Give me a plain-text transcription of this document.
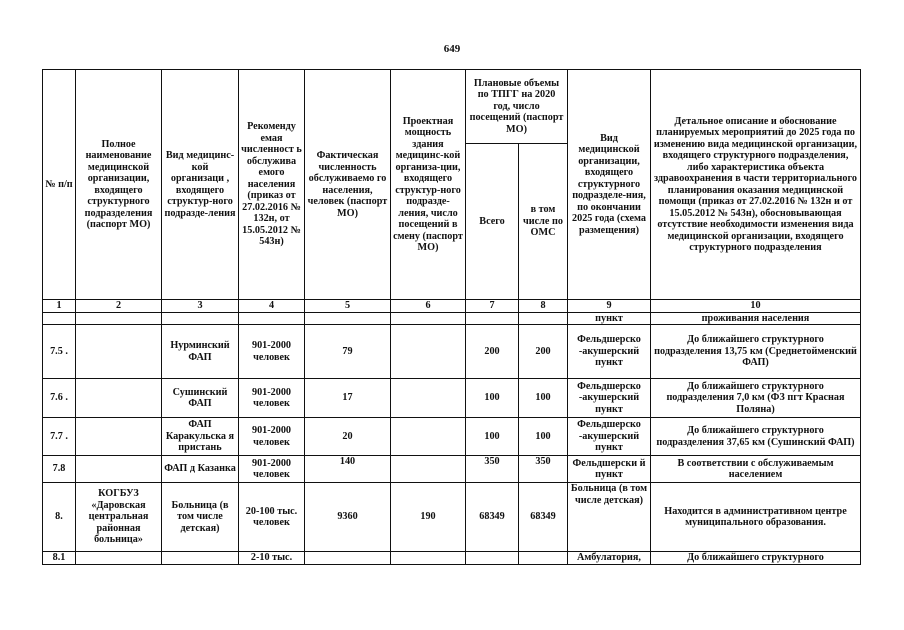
649
№ п/п	Полное наименование медицинской организации, входящего структурного подразделения (паспорт МО)	Вид медицинс-кой организаци , входящего структур-ного подразде-ления	Рекоменду емая численност ь обслужива емого населения (приказ от 27.02.2016 № 132н, от 15.05.2012 № 543н)	Фактическая численность обслуживаемо го населения, человек (паспорт МО)	Проектная мощность здания медицинс-кой организа-ции, входящего структур-ного подразде-ления, число посещений в смену (паспорт МО)	Плановые объемы по ТПГГ на 2020 год, число посещений (паспорт МО)		Вид медицинской организации, входящего структурного подразделе-ния, по окончании 2025 года (схема размещения)	Детальное описание и обоснование планируемых мероприятий до 2025 года по изменению вида медицинской организации, входящего структурного подразделения, либо характеристика объекта здравоохранения в части территориального планирования оказания медицинской помощи (приказ от 27.02.2016 № 132н и от 15.05.2012 № 543н), обосновывающая отсутствие необходимости изменения вида медицинской организации, входящего структурного подразделения
						Всего	в том числе по ОМС		
1	2	3	4	5	6	7	8	9	10
								пункт	проживания населения
7.5 .		Нурминский ФАП	901-2000 человек	79		200	200	Фельдшерско -акушерский пункт	До ближайшего структурного подразделения 13,75 км (Среднетойменский ФАП)
7.6 .		Сушинский ФАП	901-2000 человек	17		100	100	Фельдшерско -акушерский пункт	До ближайшего структурного подразделения 7,0 км (ФЗ пгт Красная Поляна)
7.7 .		ФАП Каракульска я пристань	901-2000 человек	20		100	100	Фельдшерско -акушерский пункт	До ближайшего структурного подразделения 37,65 км (Сушинский ФАП)
7.8		ФАП д Казанка	901-2000 человек	140		350	350	Фельдшерски й пункт	В соответствии с обслуживаемым населением
8.	КОГБУЗ «Даровская центральная районная больница»	Больница (в том числе детская)	20-100 тыс. человек	9360	190	68349	68349	Больница (в том числе детская)	Находится в административном центре муниципального образования.
8.1			2-10 тыс.					Амбулатория,	До ближайшего структурного
